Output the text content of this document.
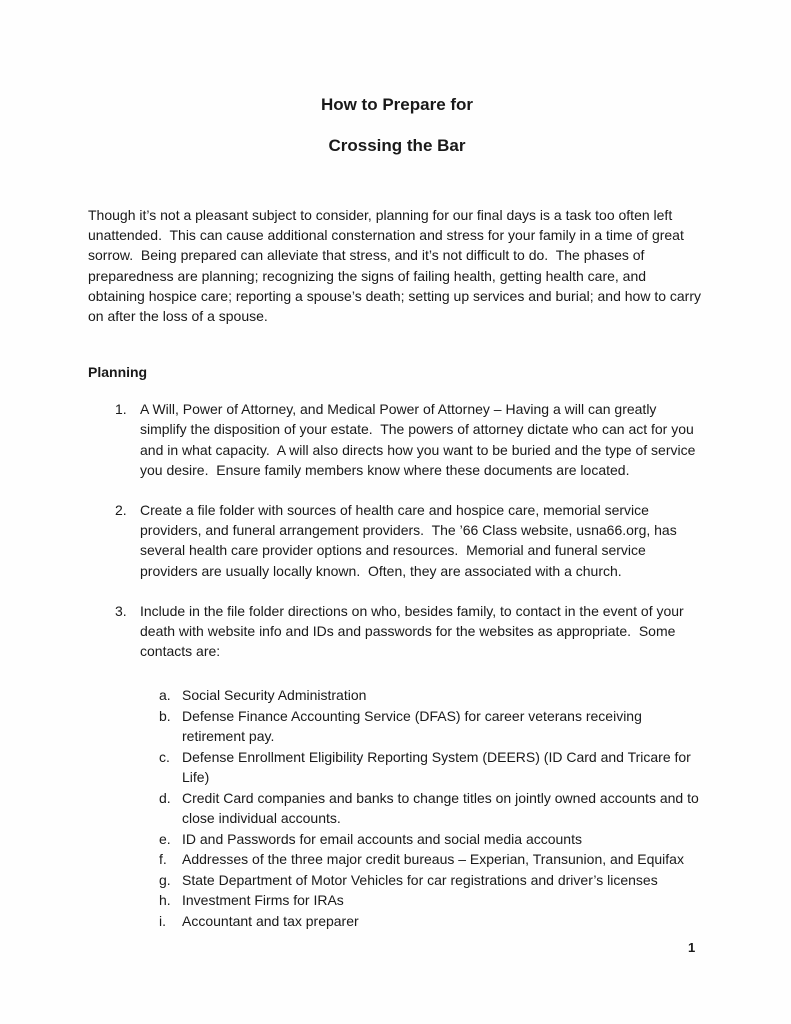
How to Prepare for
Crossing the Bar
Though it’s not a pleasant subject to consider, planning for our final days is a task too often left unattended.  This can cause additional consternation and stress for your family in a time of great sorrow.  Being prepared can alleviate that stress, and it’s not difficult to do.  The phases of preparedness are planning; recognizing the signs of failing health, getting health care, and obtaining hospice care; reporting a spouse’s death; setting up services and burial; and how to carry on after the loss of a spouse.
Planning
1. A Will, Power of Attorney, and Medical Power of Attorney – Having a will can greatly simplify the disposition of your estate.  The powers of attorney dictate who can act for you and in what capacity.  A will also directs how you want to be buried and the type of service you desire.  Ensure family members know where these documents are located.
2. Create a file folder with sources of health care and hospice care, memorial service providers, and funeral arrangement providers.  The ’66 Class website, usna66.org, has several health care provider options and resources.  Memorial and funeral service providers are usually locally known.  Often, they are associated with a church.
3. Include in the file folder directions on who, besides family, to contact in the event of your death with website info and IDs and passwords for the websites as appropriate.  Some contacts are:
a. Social Security Administration
b. Defense Finance Accounting Service (DFAS) for career veterans receiving retirement pay.
c. Defense Enrollment Eligibility Reporting System (DEERS) (ID Card and Tricare for Life)
d. Credit Card companies and banks to change titles on jointly owned accounts and to close individual accounts.
e. ID and Passwords for email accounts and social media accounts
f.	Addresses of the three major credit bureaus – Experian, Transunion, and Equifax
g. State Department of Motor Vehicles for car registrations and driver’s licenses
h. Investment Firms for IRAs
i.	Accountant and tax preparer
1
